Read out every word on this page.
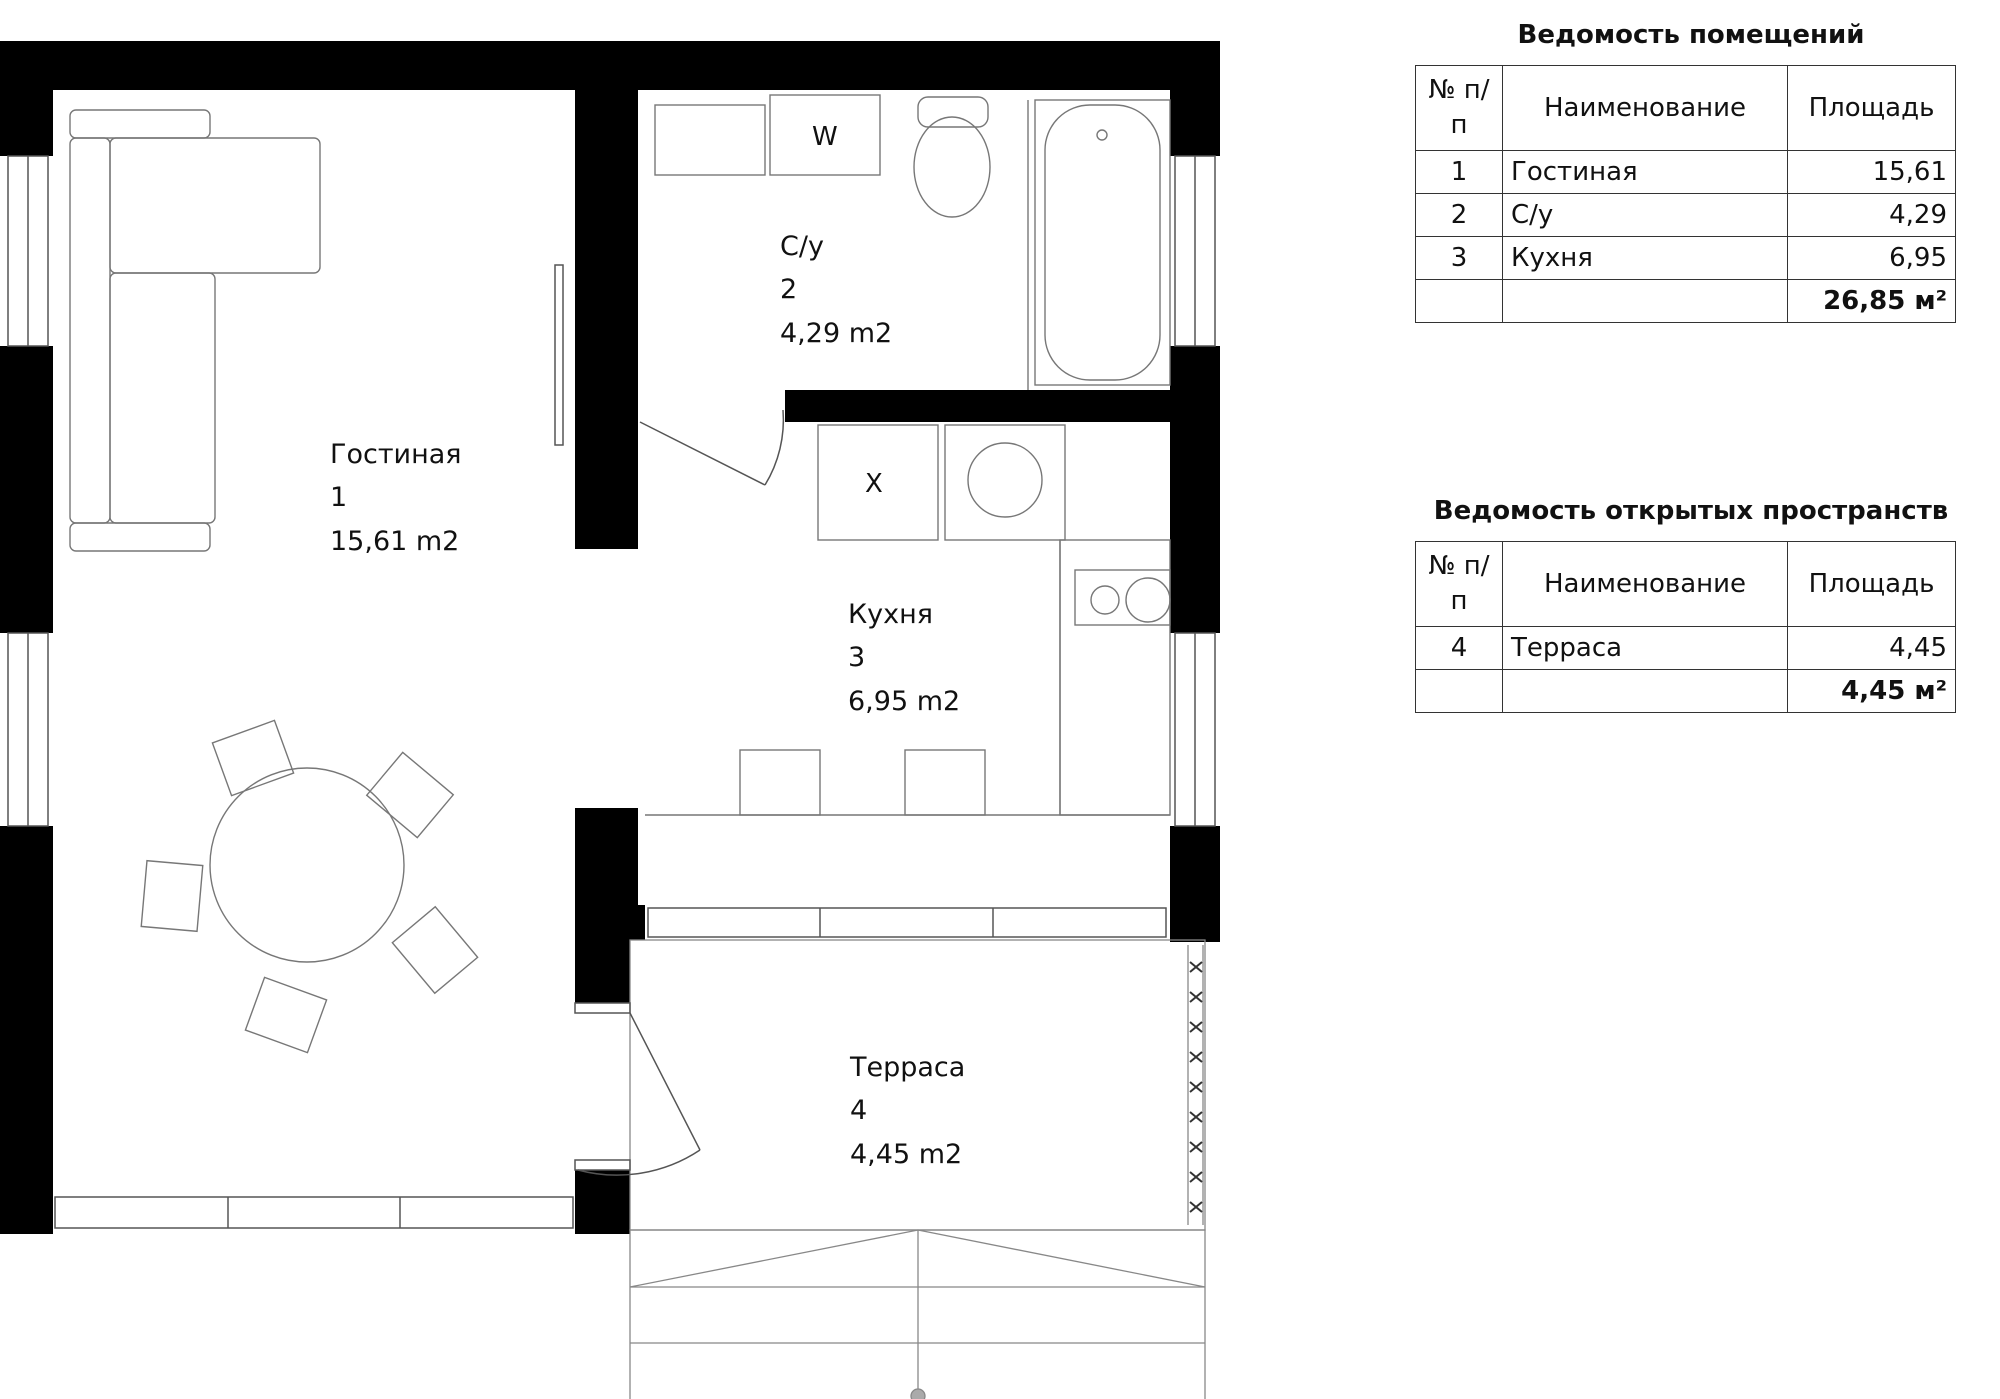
W
X
Гостиная
1
15,61 m2
С/у
2
4,29 m2
Кухня
3
6,95 m2
Терраса
4
4,45 m2
Ведомость помещений
№ п/п	Наименование	Площадь
1	Гостиная	15,61
2	С/у	4,29
3	Кухня	6,95
		26,85 м²
Ведомость открытых пространств
№ п/п	Наименование	Площадь
4	Терраса	4,45
		4,45 м²
